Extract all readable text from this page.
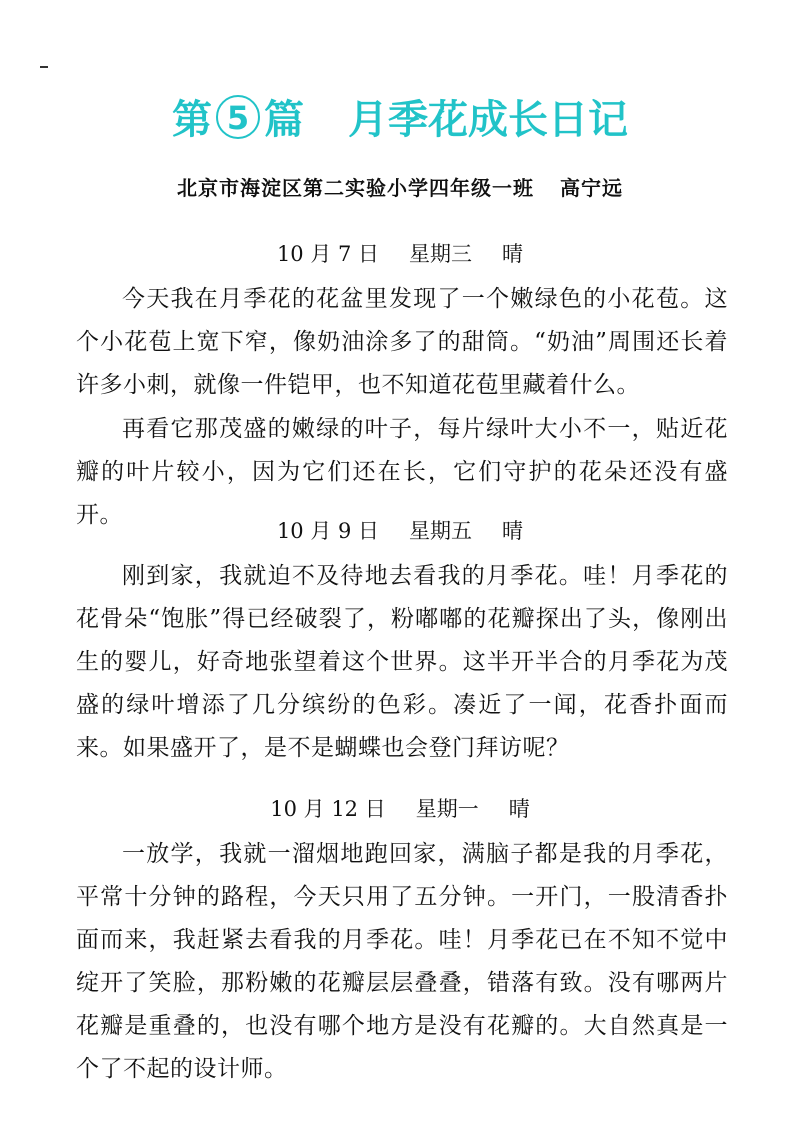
第 5 篇 月季花成长日记
北京市海淀区第二实验小学四年级一班 高宁远
10 月 7 日 星期三 晴

今天我在月季花的花盆里发现了一个嫩绿色的小花苞。这个小花苞上宽下窄，像奶油涂多了的甜筒。“奶油”周围还长着许多小刺，就像一件铠甲，也不知道花苞里藏着什么。

再看它那茂盛的嫩绿的叶子，每片绿叶大小不一，贴近花瓣的叶片较小，因为它们还在长，它们守护的花朵还没有盛开。

10 月 9 日 星期五 晴

刚到家，我就迫不及待地去看我的月季花。哇！月季花的花骨朵“饱胀”得已经破裂了，粉嘟嘟的花瓣探出了头，像刚出生的婴儿，好奇地张望着这个世界。这半开半合的月季花为茂盛的绿叶增添了几分缤纷的色彩。凑近了一闻，花香扑面而来。如果盛开了，是不是蝴蝶也会登门拜访呢？

10 月 12 日 星期一 晴

一放学，我就一溜烟地跑回家，满脑子都是我的月季花，平常十分钟的路程，今天只用了五分钟。一开门，一股清香扑面而来，我赶紧去看我的月季花。哇！月季花已在不知不觉中绽开了笑脸，那粉嫩的花瓣层层叠叠，错落有致。没有哪两片花瓣是重叠的，也没有哪个地方是没有花瓣的。大自然真是一个了不起的设计师。
